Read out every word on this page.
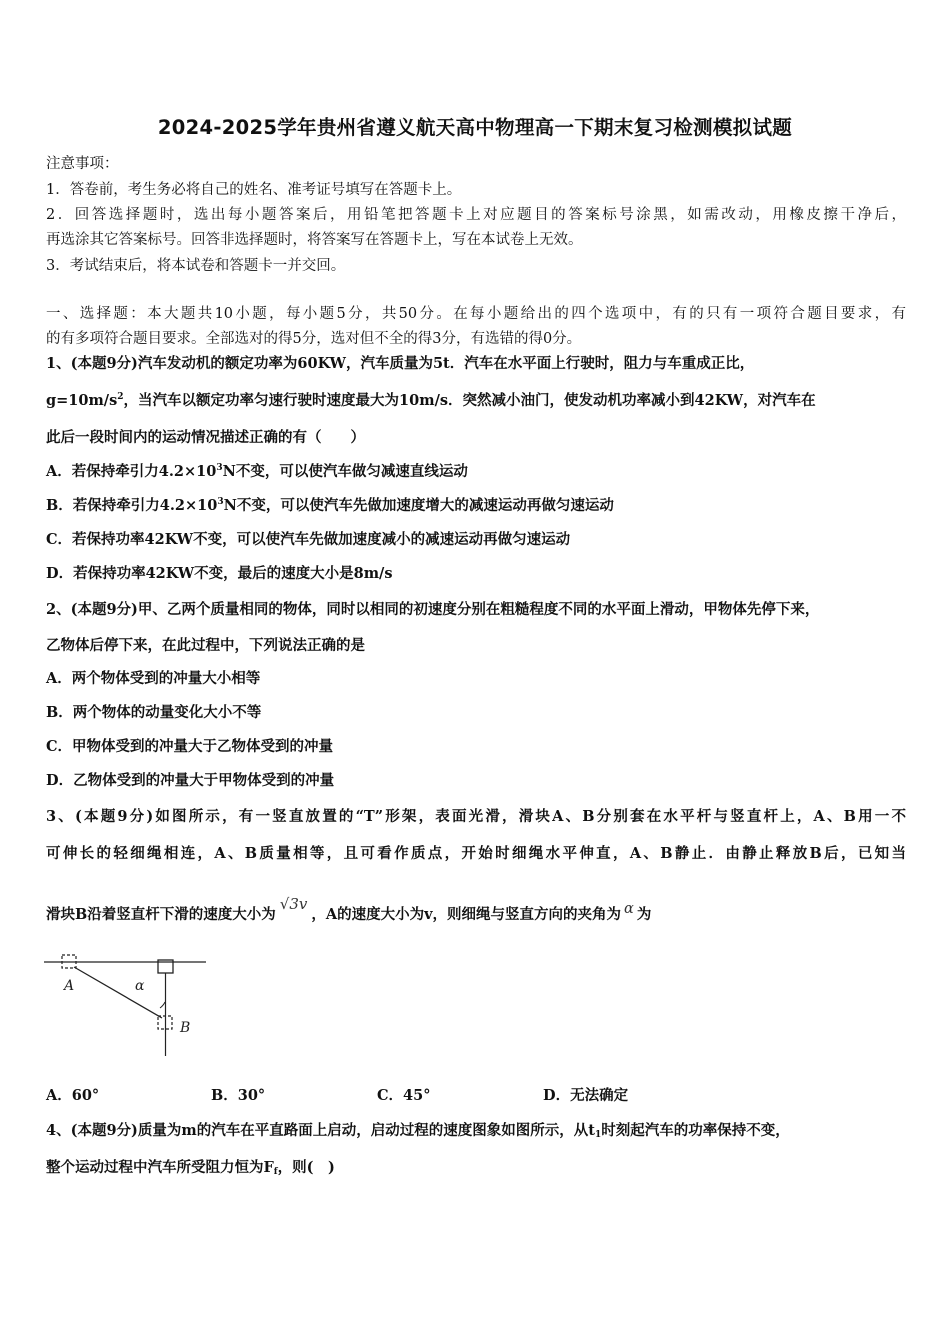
2024-2025学年贵州省遵义航天高中物理高一下期末复习检测模拟试题
注意事项：
1．答卷前，考生务必将自己的姓名、准考证号填写在答题卡上。
2．回答选择题时，选出每小题答案后，用铅笔把答题卡上对应题目的答案标号涂黑，如需改动，用橡皮擦干净后，
再选涂其它答案标号。回答非选择题时，将答案写在答题卡上，写在本试卷上无效。
3．考试结束后，将本试卷和答题卡一并交回。
一、选择题：本大题共10小题，每小题5分，共50分。在每小题给出的四个选项中，有的只有一项符合题目要求，有
的有多项符合题目要求。全部选对的得5分，选对但不全的得3分，有选错的得0分。
1、(本题9分)汽车发动机的额定功率为60KW，汽车质量为5t．汽车在水平面上行驶时，阻力与车重成正比，
$g=10m/s^2$，当汽车以额定功率匀速行驶时速度最大为10m/s．突然减小油门，使发动机功率减小到42KW，对汽车在
此后一段时间内的运动情况描述正确的有（　　）
A．若保持牵引力$4.2\times 10^3N$不变，可以使汽车做匀减速直线运动
B．若保持牵引力$4.2\times 10^3N$不变，可以使汽车先做加速度增大的减速运动再做匀速运动
C．若保持功率42KW不变，可以使汽车先做加速度减小的减速运动再做匀速运动
D．若保持功率42KW不变，最后的速度大小是8m/s
2、(本题9分)甲、乙两个质量相同的物体，同时以相同的初速度分别在粗糙程度不同的水平面上滑动，甲物体先停下来，
乙物体后停下来，在此过程中，下列说法正确的是
A．两个物体受到的冲量大小相等
B．两个物体的动量变化大小不等
C．甲物体受到的冲量大于乙物体受到的冲量
D．乙物体受到的冲量大于甲物体受到的冲量
3、(本题9分)如图所示，有一竖直放置的“T”形架，表面光滑，滑块A、B分别套在水平杆与竖直杆上，A、B用一不
可伸长的轻细绳相连，A、B质量相等，且可看作质点，开始时细绳水平伸直，A、B静止．由静止释放B后，已知当
滑块B沿着竖直杆下滑的速度大小为√3v，A的速度大小为v，则细绳与竖直方向的夹角为 α 为
A	α
B
A．60°	B．30°	C．45°	D．无法确定
4、(本题9分)质量为m的汽车在平直路面上启动，启动过程的速度图象如图所示，从$t_1$时刻起汽车的功率保持不变，
整个运动过程中汽车所受阻力恒为$F_f$，则(　)
